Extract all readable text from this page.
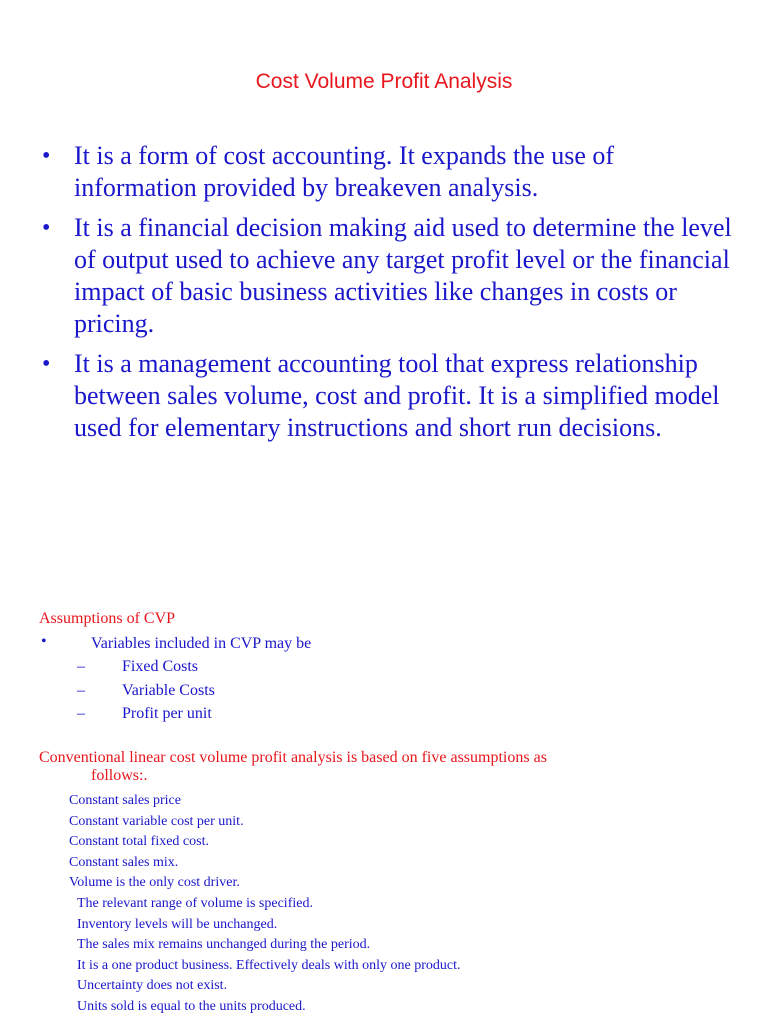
Cost Volume Profit Analysis
• It is a form of cost accounting. It expands the use of information provided by breakeven analysis.
• It is a financial decision making aid used to determine the level of output used to achieve any target profit level or the financial impact of basic business activities like changes in costs or pricing.
• It is a management accounting tool that express relationship between sales volume, cost and profit. It is a simplified model used for elementary instructions and short run decisions.
Assumptions of CVP
•	Variables included in CVP may be
– Fixed Costs
– Variable Costs
– Profit per unit
Conventional linear cost volume profit analysis is based on five assumptions as
follows:.
Constant sales price
Constant variable cost per unit.
Constant total fixed cost.
Constant sales mix.
Volume is the only cost driver.
The relevant range of volume is specified.
Inventory levels will be unchanged.
The sales mix remains unchanged during the period.
It is a one product business. Effectively deals with only one product.
Uncertainty does not exist.
Units sold is equal to the units produced.
